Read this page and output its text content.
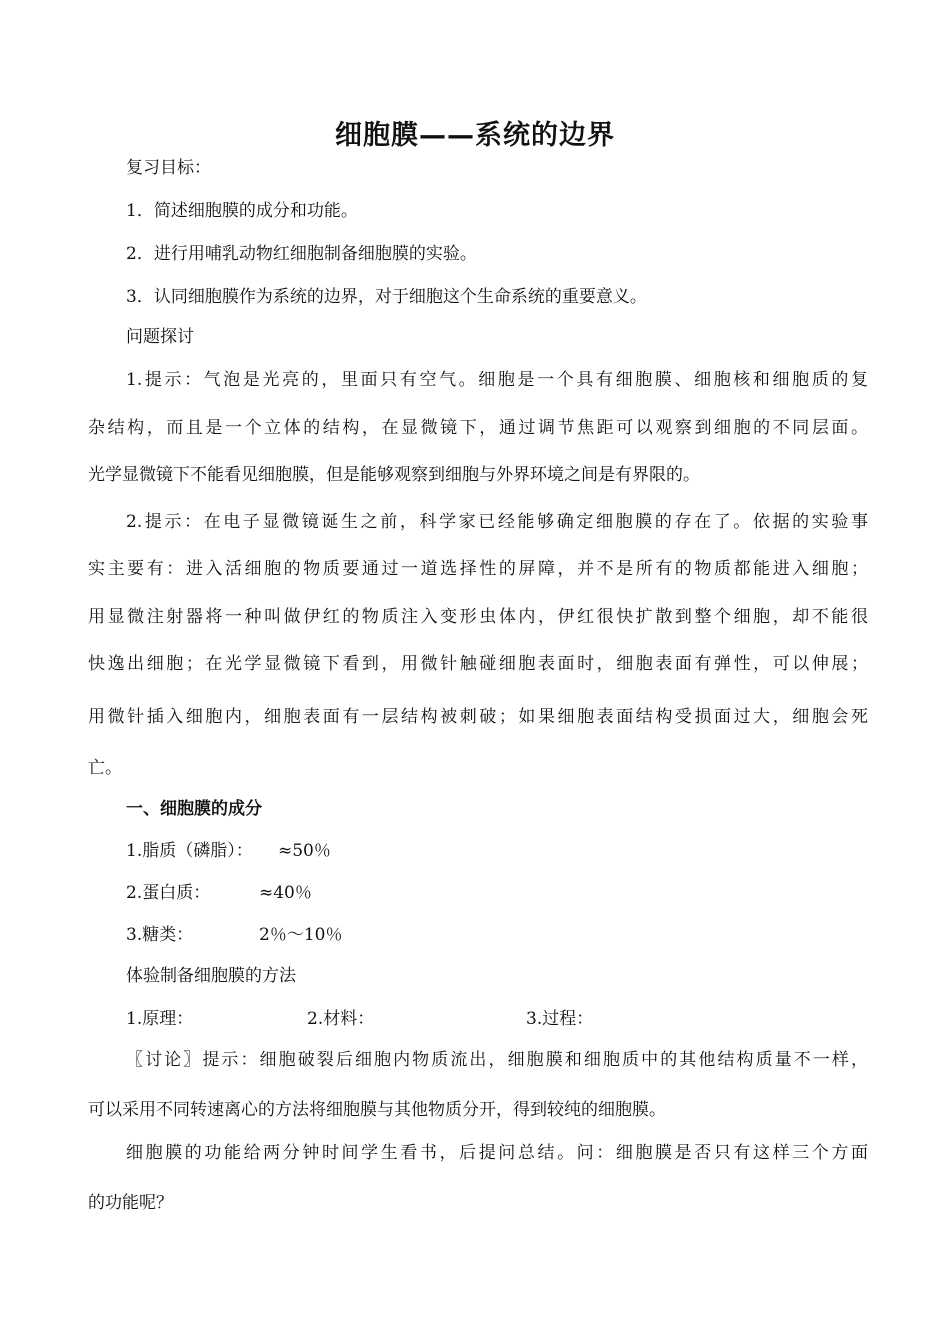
细胞膜——系统的边界
复习目标：
1．简述细胞膜的成分和功能。
2．进行用哺乳动物红细胞制备细胞膜的实验。
3．认同细胞膜作为系统的边界，对于细胞这个生命系统的重要意义。
问题探讨
1.提示：气泡是光亮的，里面只有空气。细胞是一个具有细胞膜、细胞核和细胞质的复
杂结构，而且是一个立体的结构，在显微镜下，通过调节焦距可以观察到细胞的不同层面。
光学显微镜下不能看见细胞膜，但是能够观察到细胞与外界环境之间是有界限的。
2.提示：在电子显微镜诞生之前，科学家已经能够确定细胞膜的存在了。依据的实验事
实主要有：进入活细胞的物质要通过一道选择性的屏障，并不是所有的物质都能进入细胞；
用显微注射器将一种叫做伊红的物质注入变形虫体内，伊红很快扩散到整个细胞，却不能很
快逸出细胞；在光学显微镜下看到，用微针触碰细胞表面时，细胞表面有弹性，可以伸展；
用微针插入细胞内，细胞表面有一层结构被刺破；如果细胞表面结构受损面过大，细胞会死
亡。
一、细胞膜的成分
1.脂质（磷脂）： ≈50％
2.蛋白质：	≈40％
3.糖类：	2％～10％
体验制备细胞膜的方法
1.原理：	2.材料：	3.过程：
〖讨论〗提示：细胞破裂后细胞内物质流出，细胞膜和细胞质中的其他结构质量不一样，
可以采用不同转速离心的方法将细胞膜与其他物质分开，得到较纯的细胞膜。
细胞膜的功能给两分钟时间学生看书，后提问总结。问：细胞膜是否只有这样三个方面
的功能呢？
